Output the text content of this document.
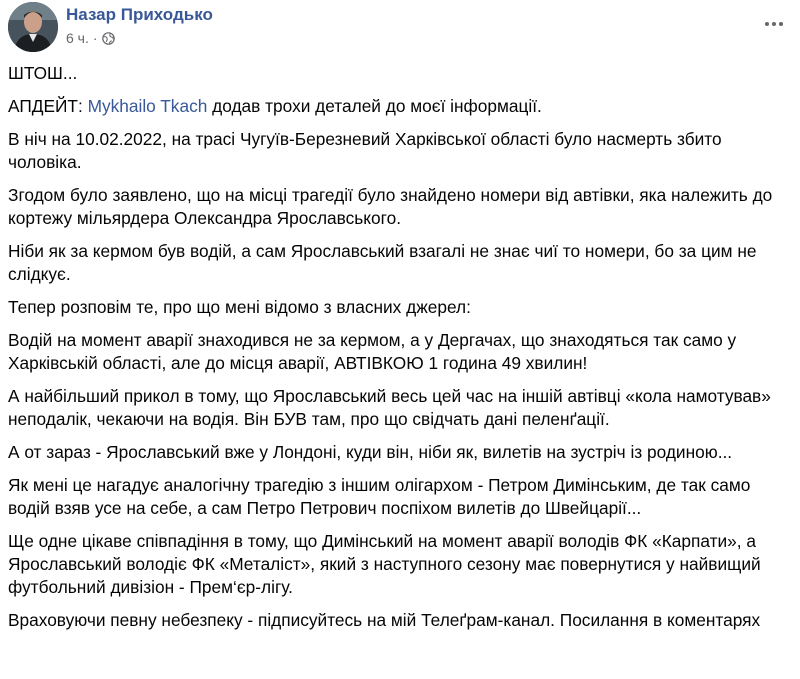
Назар Приходько
6 ч. ·

ШТОШ...

АПДЕЙТ: Mykhailo Tkach додав трохи деталей до моєї інформації.

В ніч на 10.02.2022, на трасі Чугуїв-Березневий Харківської області було насмерть збито чоловіка.

Згодом було заявлено, що на місці трагедії було знайдено номери від автівки, яка належить до кортежу мільярдера Олександра Ярославського.

Ніби як за кермом був водій, а сам Ярославський взагалі не знає чиї то номери, бо за цим не слідкує.

Тепер розповім те, про що мені відомо з власних джерел:

Водій на момент аварії знаходився не за кермом, а у Дергачах, що знаходяться так само у Харківській області, але до місця аварії, АВТІВКОЮ 1 година 49 хвилин!

А найбільший прикол в тому, що Ярославський весь цей час на іншій автівці «кола намотував» неподалік, чекаючи на водія. Він БУВ там, про що свідчать дані пеленґації.

А от зараз - Ярославський вже у Лондоні, куди він, ніби як, вилетів на зустріч із родиною...

Як мені це нагадує аналогічну трагедію з іншим олігархом - Петром Димінським, де так само водій взяв усе на себе, а сам Петро Петрович поспіхом вилетів до Швейцарії...

Ще одне цікаве співпадіння в тому, що Димінський на момент аварії володів ФК «Карпати», а Ярославський володіє ФК «Металіст», який з наступного сезону має повернутися у найвищий футбольний дивізіон - Прем‘єр-лігу.

Враховуючи певну небезпеку - підписуйтесь на мій Телеґрам-канал. Посилання в коментарях
